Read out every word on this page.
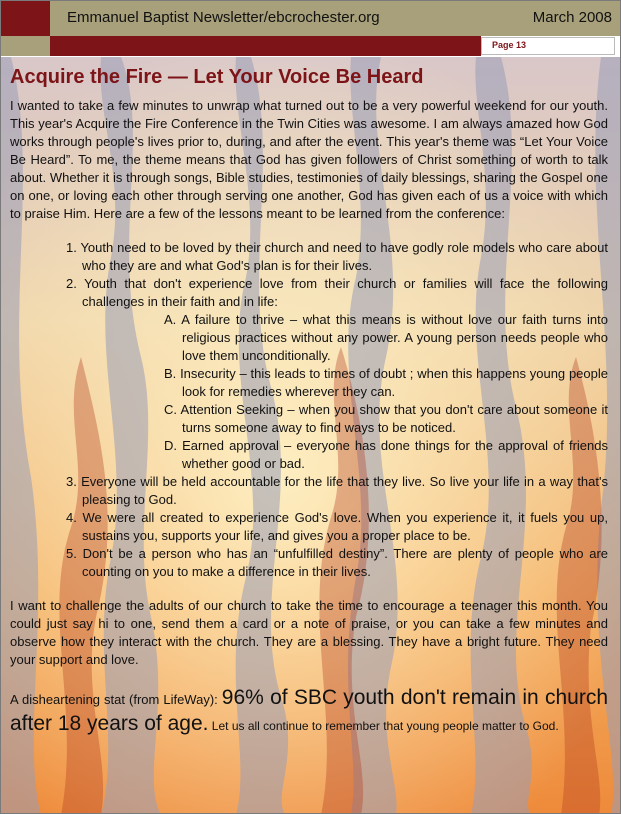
Emmanuel Baptist Newsletter/ebcrochester.org	March 2008
Page 13
Acquire the Fire — Let Your Voice Be Heard

I wanted to take a few minutes to unwrap what turned out to be a very powerful weekend for our youth. This year's Acquire the Fire Conference in the Twin Cities was awesome. I am always amazed how God works through people's lives prior to, during, and after the event. This year's theme was “Let Your Voice Be Heard”. To me, the theme means that God has given followers of Christ something of worth to talk about. Whether it is through songs, Bible studies, testimonies of daily blessings, sharing the Gospel one on one, or loving each other through serving one another, God has given each of us a voice with which to praise Him. Here are a few of the lessons meant to be learned from the conference:

1. Youth need to be loved by their church and need to have godly role models who care about who they are and what God's plan is for their lives.
2. Youth that don't experience love from their church or families will face the following challenges in their faith and in life:
A. A failure to thrive – what this means is without love our faith turns into religious practices without any power. A young person needs people who love them unconditionally.
B. Insecurity – this leads to times of doubt ; when this happens young people look for remedies wherever they can.
C. Attention Seeking – when you show that you don't care about someone it turns someone away to find ways to be noticed.
D. Earned approval – everyone has done things for the approval of friends whether good or bad.
3. Everyone will be held accountable for the life that they live. So live your life in a way that's pleasing to God.
4. We were all created to experience God's love. When you experience it, it fuels you up, sustains you, supports your life, and gives you a proper place to be.
5. Don't be a person who has an “unfulfilled destiny”. There are plenty of people who are counting on you to make a difference in their lives.

I want to challenge the adults of our church to take the time to encourage a teenager this month. You could just say hi to one, send them a card or a note of praise, or you can take a few minutes and observe how they interact with the church. They are a blessing. They have a bright future. They need your support and love.

A disheartening stat (from LifeWay): 96% of SBC youth don't remain in church after 18 years of age. Let us all continue to remember that young people matter to God.
